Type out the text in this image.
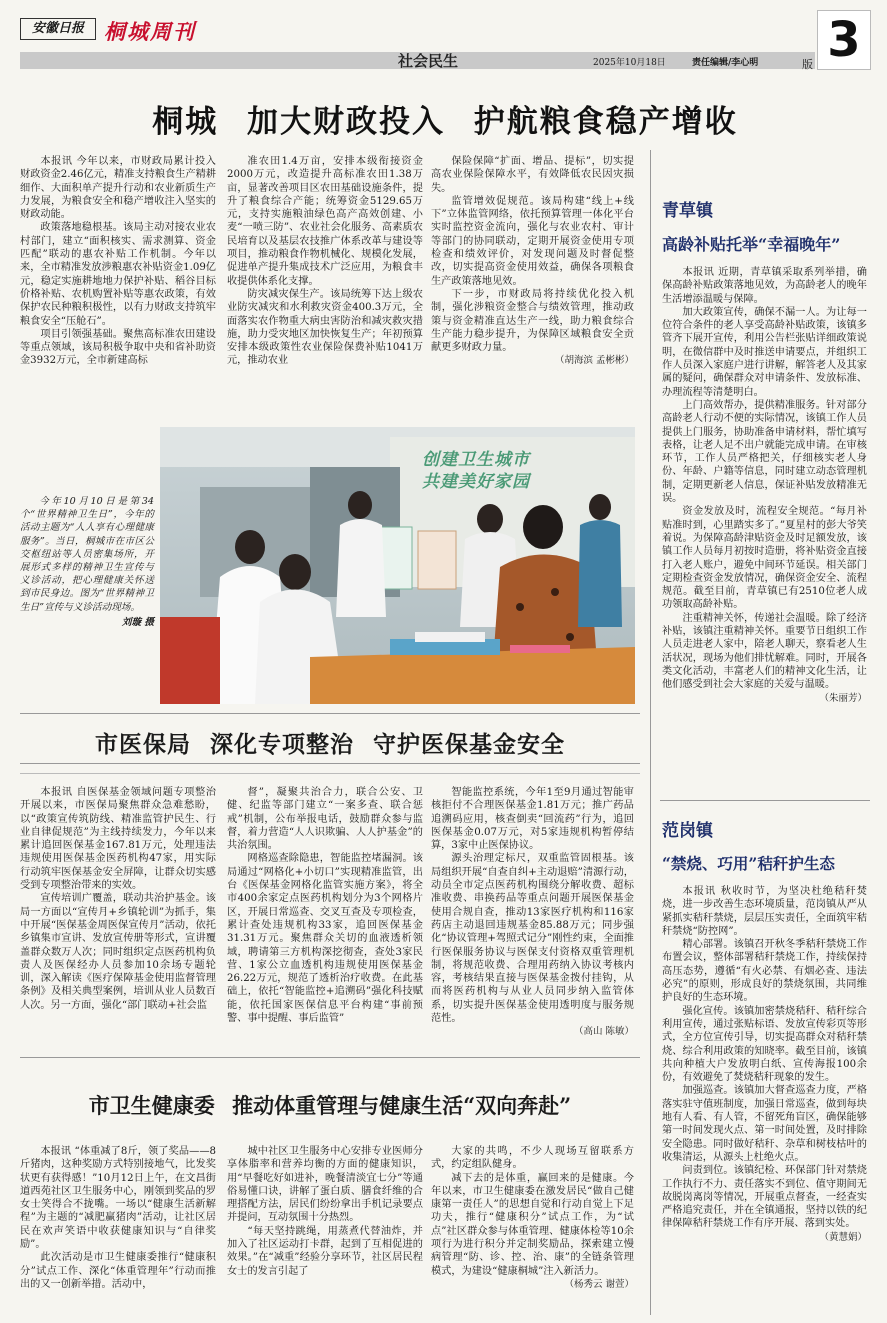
安徽日报 桐城周刊
社会民生	2025年10月18日	责任编辑/李心明	版 3
桐城 加大财政投入 护航粮食稳产增收

本报讯 今年以来，市财政局累计投入财政资金2.46亿元，精准支持粮食生产精耕细作、大面积单产提升行动和农业新质生产力发展，为粮食安全和稳产增收注入坚实的财政动能。

政策落地稳根基。该局主动对接农业农村部门，建立“面积核实、需求测算、资金匹配”联动的惠农补贴工作机制。今年以来，全市精准发放涉粮惠农补贴资金1.09亿元，稳定实施耕地地力保护补贴、稻谷目标价格补贴、农机购置补贴等惠农政策，有效保护农民种粮积极性，以有力财政支持筑牢粮食安全“压舱石”。

项目引领强基础。聚焦高标准农田建设等重点领域，该局积极争取中央和省补助资金3932万元，全市新建高标

准农田1.4万亩，安排本级衔接资金2000万元，改造提升高标准农田1.38万亩，显著改善项目区农田基础设施条件，提升了粮食综合产能；统筹资金5129.65万元，支持实施粮油绿色高产高效创建、小麦“一喷三防”、农业社会化服务、高素质农民培育以及基层农技推广体系改革与建设等项目，推动粮食作物机械化、规模化发展，促进单产提升集成技术广泛应用，为粮食丰收提供体系化支撑。

防灾减灾保生产。该局统筹下达上级农业防灾减灾和水利救灾资金400.3万元，全面落实农作物重大病虫害防治和减灾救灾措施，助力受灾地区加快恢复生产；年初预算安排本级政策性农业保险保费补贴1041万元，推动农业

保险保障“扩面、增品、提标”，切实提高农业保险保障水平，有效降低农民因灾损失。

监管增效促规范。该局构建“线上+线下”立体监管网络，依托预算管理一体化平台实时监控资金流向，强化与农业农村、审计等部门的协同联动，定期开展资金使用专项检查和绩效评价，对发现问题及时督促整改，切实提高资金使用效益，确保各项粮食生产政策落地见效。

下一步，市财政局将持续优化投入机制，强化涉粮资金整合与绩效管理，推动政策与资金精准直达生产一线，助力粮食综合生产能力稳步提升，为保障区域粮食安全贡献更多财政力量。

（胡海滨 孟彬彬）
今年10月10日是第34个“世界精神卫生日”，今年的活动主题为“人人享有心理健康服务”。当日，桐城市在市区公交枢纽站等人员密集场所，开展形式多样的精神卫生宣传与义诊活动，把心理健康关怀送到市民身边。图为“世界精神卫生日”宣传与义诊活动现场。
刘璇 摄
创建卫生城市 共建美好家园
市医保局 深化专项整治 守护医保基金安全

本报讯 自医保基金领域问题专项整治开展以来，市医保局聚焦群众急难愁盼，以“政策宣传筑防线、精准监管护民生、行业自律促规范”为主线持续发力，今年以来累计追回医保基金167.81万元，处理违法违规使用医保基金医药机构47家，用实际行动筑牢医保基金安全屏障，让群众切实感受到专项整治带来的实效。

宣传培训广覆盖，联动共治护基金。该局一方面以“宣传月+乡镇轮训”为抓手，集中开展“医保基金周医保宣传月”活动，依托乡镇集市宣讲、发放宣传册等形式，宣讲覆盖群众数万人次；同时组织定点医药机构负责人及医保经办人员参加10余场专题轮训，深入解读《医疗保障基金使用监督管理条例》及相关典型案例，培训从业人员数百人次。另一方面，强化“部门联动+社会监

督”，凝聚共治合力，联合公安、卫健、纪监等部门建立“一案多查、联合惩戒”机制，公布举报电话，鼓励群众参与监督，着力营造“人人识欺骗、人人护基金”的共治氛围。

网格巡查除隐患，智能监控堵漏洞。该局通过“网格化+小切口”实现精准监管，出台《医保基金网格化监管实施方案》，将全市400余家定点医药机构划分为3个网格片区，开展日常巡查、交叉互查及专项检查，累计查处违规机构33家，追回医保基金31.31万元。聚焦群众关切的血液透析领域，聘请第三方机构深挖彻查，查处3家民营、1家公立血透机构违规使用医保基金26.22万元，规范了透析治疗收费。在此基础上，依托“智能监控+追溯码”强化科技赋能，依托国家医保信息平台构建“事前预警、事中提醒、事后监管”

智能监控系统，今年1至9月通过智能审核拒付不合理医保基金1.81万元；推广药品追溯码应用，核查倒卖“回流药”行为，追回医保基金0.07万元，对5家违规机构暂停结算，3家中止医保协议。

源头治理定标尺，双重监管固根基。该局组织开展“自查自纠+主动退赔”清源行动，动员全市定点医药机构围绕分解收费、超标准收费、串换药品等重点问题开展医保基金使用合规自查，推动13家医疗机构和116家药店主动退回违规基金85.88万元；同步强化“协议管理+驾照式记分”刚性约束，全面推行医保服务协议与医保支付资格双重管理机制，将规范收费、合理用药纳入协议考核内容，考核结果直接与医保基金拨付挂钩，从而将医药机构与从业人员同步纳入监管体系，切实提升医保基金使用透明度与服务规范性。

（高山 陈敏）
市卫生健康委 推动体重管理与健康生活“双向奔赴”

本报讯 “体重减了8斤，领了奖品——8斤猪肉，这种奖励方式特别接地气，比发奖状更有获得感！”10月12日上午，在文昌街道西苑社区卫生服务中心，刚领到奖品的罗女士笑得合不拢嘴。一场以“健康生活新解程”为主题的“减肥赢猪肉”活动，让社区居民在欢声笑语中收获健康知识与“自律奖励”。

此次活动是市卫生健康委推行“健康积分”试点工作、深化“体重管理年”行动而推出的又一创新举措。活动中，

城中社区卫生服务中心安排专业医师分享体脂率和营养均衡的方面的健康知识，用“早餐吃好如进补，晚餐清淡宜七分”等通俗易懂口诀，讲解了蛋白质、膳食纤维的合理搭配方法，居民们纷纷拿出手机记录要点并提问，互动氛围十分热烈。

“每天坚持跳绳，用蒸煮代替油炸，并加入了社区运动打卡群，起到了互相促进的效果。”在“减重”经验分享环节，社区居民程女士的发言引起了

大家的共鸣，不少人现场互留联系方式，约定组队健身。

减下去的是体重，赢回来的是健康。今年以来，市卫生健康委在激发居民“做自己健康第一责任人”的思想自觉和行动自觉上下足功夫，推行“健康积分”试点工作，为“试点”社区群众参与体重管理、健康体检等10余项行为进行积分并定制奖励品，探索建立慢病管理“防、诊、控、治、康”的全链条管理模式，为建设“健康桐城”注入新活力。

（杨秀云 谢萱）
青草镇
高龄补贴托举“幸福晚年”

本报讯 近期，青草镇采取系列举措，确保高龄补贴政策落地见效，为高龄老人的晚年生活增添温暖与保障。

加大政策宣传，确保不漏一人。为让每一位符合条件的老人享受高龄补贴政策，该镇多管齐下展开宣传，利用公告栏张贴详细政策说明，在微信群中及时推送申请要点，并组织工作人员深入家庭户进行讲解，解答老人及其家属的疑问，确保群众对申请条件、发放标准、办理流程等清楚明白。

上门高效帮办，提供精准服务。针对部分高龄老人行动不便的实际情况，该镇工作人员提供上门服务，协助准备申请材料，帮忙填写表格，让老人足不出户就能完成申请。在审核环节，工作人员严格把关，仔细核实老人身份、年龄、户籍等信息，同时建立动态管理机制，定期更新老人信息，保证补贴发放精准无误。

资金发放及时，流程安全规范。“每月补贴准时到，心里踏实多了。”夏星村的彭大爷笑着说。为保障高龄津贴资金及时足额发放，该镇工作人员每月初按时造册，将补贴资金直接打入老人账户，避免中间环节延误。相关部门定期检查资金发放情况，确保资金安全、流程规范。截至目前，青草镇已有2510位老人成功领取高龄补贴。

注重精神关怀，传递社会温暖。除了经济补贴，该镇注重精神关怀。重要节日组织工作人员走进老人家中，陪老人聊天，察看老人生活状况，现场为他们排忧解难。同时，开展各类文化活动，丰富老人们的精神文化生活，让他们感受到社会大家庭的关爱与温暖。

（朱丽芳）
范岗镇
“禁烧、巧用”秸秆护生态

本报讯 秋收时节，为坚决杜绝秸秆焚烧，进一步改善生态环境质量，范岗镇从严从紧抓实秸秆禁烧，层层压实责任，全面筑牢秸秆禁烧“防控网”。

精心部署。该镇召开秋冬季秸秆禁烧工作布置会议，整体部署秸秆禁烧工作，持续保持高压态势，遵循“有火必禁、有烟必查、违法必究”的原则，形成良好的禁烧氛围，共同维护良好的生态环境。

强化宣传。该镇加密禁烧秸秆、秸秆综合利用宣传，通过张贴标语、发放宣传彩页等形式，全方位宣传引导，切实提高群众对秸秆禁烧、综合利用政策的知晓率。截至目前，该镇共向种植大户发放明白纸、宣传海报100余份，有效避免了焚烧秸秆现象的发生。

加强巡查。该镇加大督查巡查力度，严格落实驻守值班制度，加强日常巡查，做到每块地有人看、有人管，不留死角盲区，确保能够第一时间发现火点、第一时间处置，及时排除安全隐患。同时做好秸秆、杂草和树枝枯叶的收集清运，从源头上杜绝火点。

问责到位。该镇纪检、环保部门针对禁烧工作执行不力、责任落实不到位、值守期间无故脱岗离岗等情况，开展重点督查，一经查实严格追究责任，并在全镇通报，坚持以铁的纪律保障秸秆禁烧工作有序开展、落到实处。

（黄慧娟）
